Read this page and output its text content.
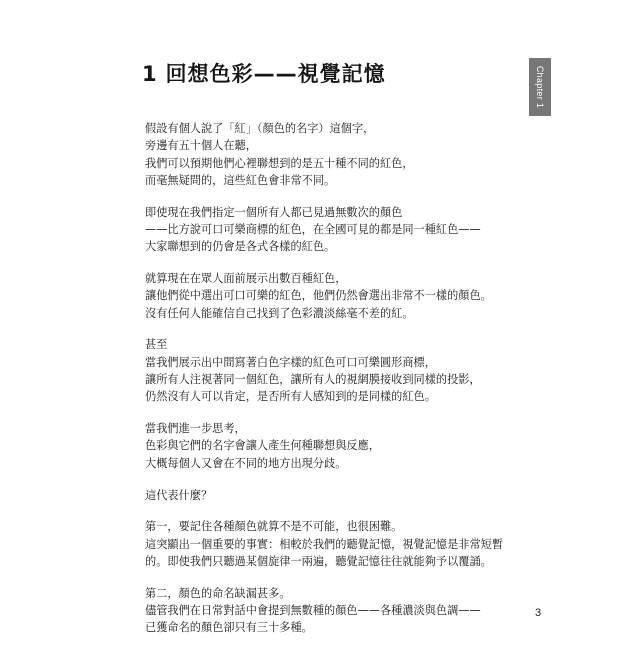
1 回想色彩——視覺記憶	Chapter 1
假設有個人說了「紅」（顏色的名字）這個字，
旁邊有五十個人在聽，
我們可以預期他們心裡聯想到的是五十種不同的紅色，
而毫無疑問的，這些紅色會非常不同。
即使現在我們指定一個所有人都已見過無數次的顏色
——比方說可口可樂商標的紅色，在全國可見的都是同一種紅色——
大家聯想到的仍會是各式各樣的紅色。
就算現在在眾人面前展示出數百種紅色，
讓他們從中選出可口可樂的紅色，他們仍然會選出非常不一樣的顏色。
沒有任何人能確信自己找到了色彩濃淡絲毫不差的紅。
甚至
當我們展示出中間寫著白色字樣的紅色可口可樂圓形商標，
讓所有人注視著同一個紅色，讓所有人的視網膜接收到同樣的投影，
仍然沒有人可以肯定，是否所有人感知到的是同樣的紅色。
當我們進一步思考，
色彩與它們的名字會讓人產生何種聯想與反應，
大概每個人又會在不同的地方出現分歧。
這代表什麼？
第一，要記住各種顏色就算不是不可能，也很困難。
這突顯出一個重要的事實：相較於我們的聽覺記憶，視覺記憶是非常短暫
的。即使我們只聽過某個旋律一兩遍，聽覺記憶往往就能夠予以覆誦。
第二，顏色的命名缺漏甚多。
儘管我們在日常對話中會提到無數種的顏色——各種濃淡與色調——
已獲命名的顏色卻只有三十多種。
3
